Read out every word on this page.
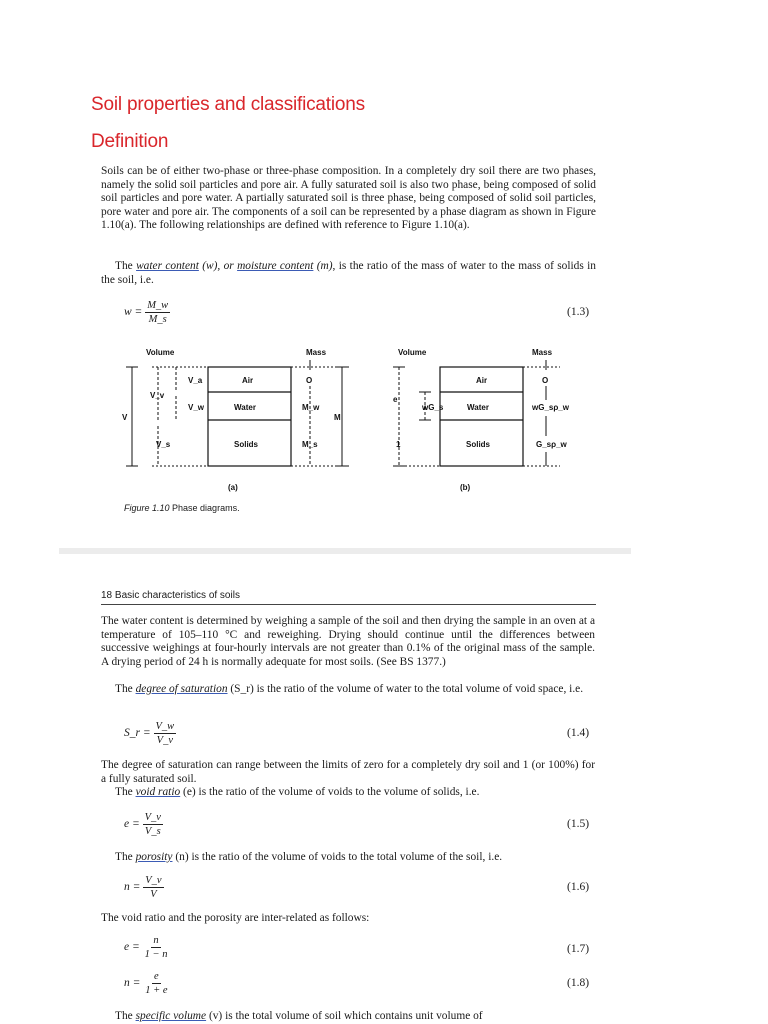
Soil properties and classifications
Definition
Soils can be of either two-phase or three-phase composition. In a completely dry soil there are two phases, namely the solid soil particles and pore air. A fully saturated soil is also two phase, being composed of solid soil particles and pore water. A partially saturated soil is three phase, being composed of solid soil particles, pore water and pore air. The components of a soil can be represented by a phase diagram as shown in Figure 1.10(a). The following relationships are defined with reference to Figure 1.10(a).
The water content (w), or moisture content (m), is the ratio of the mass of water to the mass of solids in the soil, i.e.
$w = \frac{M\_w}{M\_s}$	(1.3)
Volume	Mass
Air
Water
Solids
V_a
V_v
V_w
V
V_s
O
M_w
M
M_s
(a)
Volume	Mass
Air
Water
Solids
e
wG_s
1
O
wG_sρ_w
G_sρ_w
(b)
Figure 1.10 Phase diagrams.
18 Basic characteristics of soils
The water content is determined by weighing a sample of the soil and then drying the sample in an oven at a temperature of 105–110 °C and reweighing. Drying should continue until the differences between successive weighings at four-hourly intervals are not greater than 0.1% of the original mass of the sample. A drying period of 24 h is normally adequate for most soils. (See BS 1377.)
The degree of saturation (S_r) is the ratio of the volume of water to the total volume of void space, i.e.
S_r = $\frac{V\_w}{V\_v}$	(1.4)
The degree of saturation can range between the limits of zero for a completely dry soil and 1 (or 100%) for a fully saturated soil.
The void ratio (e) is the ratio of the volume of voids to the volume of solids, i.e.
$e = \frac{V\_v}{V\_s}$	(1.5)
The porosity (n) is the ratio of the volume of voids to the total volume of the soil, i.e.
$n = \frac{V\_v}{V}$	(1.6)
The void ratio and the porosity are inter-related as follows:
$e = \frac{n}{1 - n}$	(1.7)
$n = \frac{e}{1 + e}$	(1.8)
The specific volume (v) is the total volume of soil which contains unit volume of
